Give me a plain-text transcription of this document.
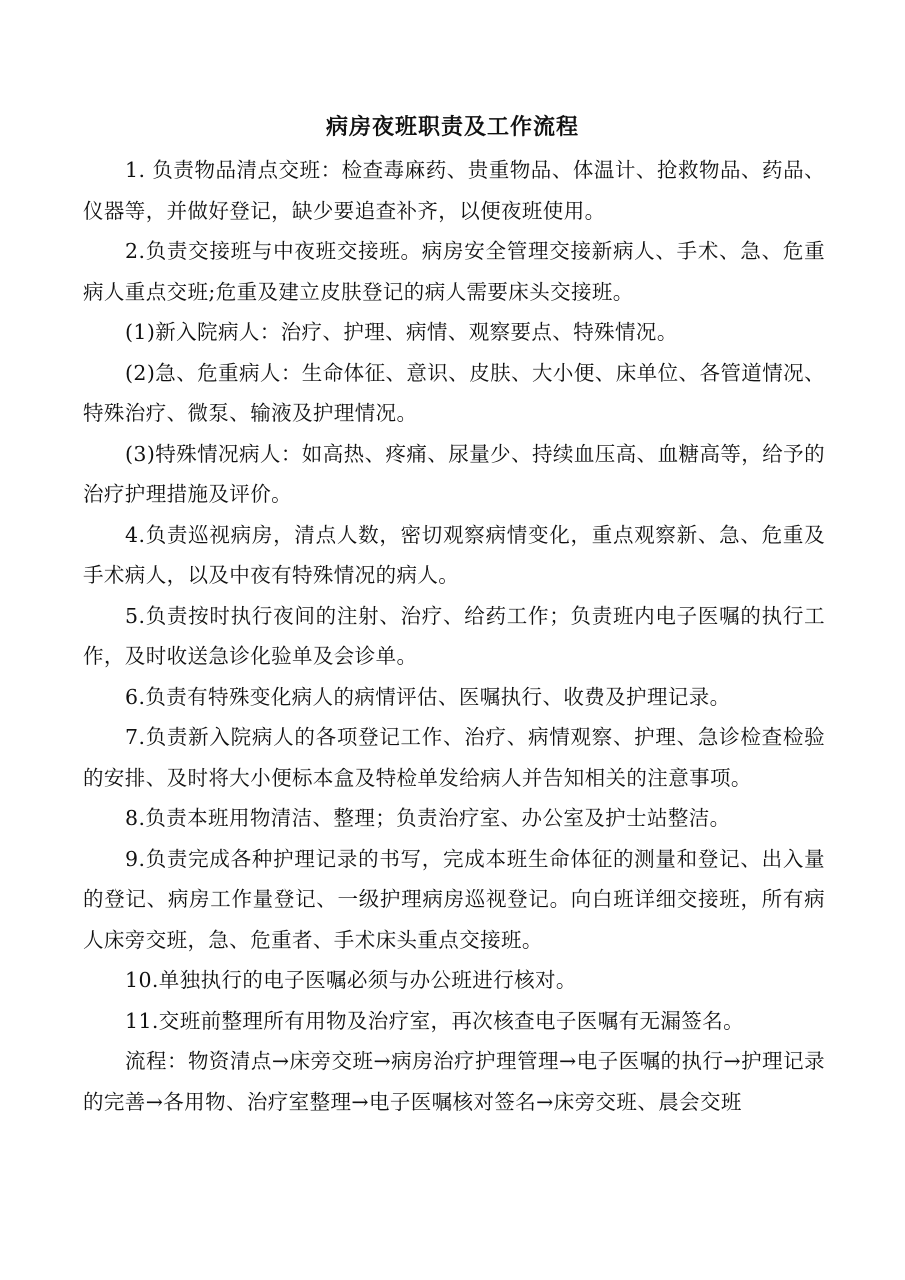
病房夜班职责及工作流程

1. 负责物品清点交班：检查毒麻药、贵重物品、体温计、抢救物品、药品、仪器等，并做好登记，缺少要追查补齐，以便夜班使用。

2.负责交接班与中夜班交接班。病房安全管理交接新病人、手术、急、危重病人重点交班;危重及建立皮肤登记的病人需要床头交接班。

(1)新入院病人：治疗、护理、病情、观察要点、特殊情况。

(2)急、危重病人：生命体征、意识、皮肤、大小便、床单位、各管道情况、特殊治疗、微泵、输液及护理情况。

(3)特殊情况病人：如高热、疼痛、尿量少、持续血压高、血糖高等，给予的治疗护理措施及评价。

4.负责巡视病房，清点人数，密切观察病情变化，重点观察新、急、危重及手术病人，以及中夜有特殊情况的病人。

5.负责按时执行夜间的注射、治疗、给药工作；负责班内电子医嘱的执行工作，及时收送急诊化验单及会诊单。

6.负责有特殊变化病人的病情评估、医嘱执行、收费及护理记录。

7.负责新入院病人的各项登记工作、治疗、病情观察、护理、急诊检查检验的安排、及时将大小便标本盒及特检单发给病人并告知相关的注意事项。

8.负责本班用物清洁、整理；负责治疗室、办公室及护士站整洁。

9.负责完成各种护理记录的书写，完成本班生命体征的测量和登记、出入量的登记、病房工作量登记、一级护理病房巡视登记。向白班详细交接班，所有病人床旁交班，急、危重者、手术床头重点交接班。

10.单独执行的电子医嘱必须与办公班进行核对。

11.交班前整理所有用物及治疗室，再次核查电子医嘱有无漏签名。

流程：物资清点→床旁交班→病房治疗护理管理→电子医嘱的执行→护理记录的完善→各用物、治疗室整理→电子医嘱核对签名→床旁交班、晨会交班
